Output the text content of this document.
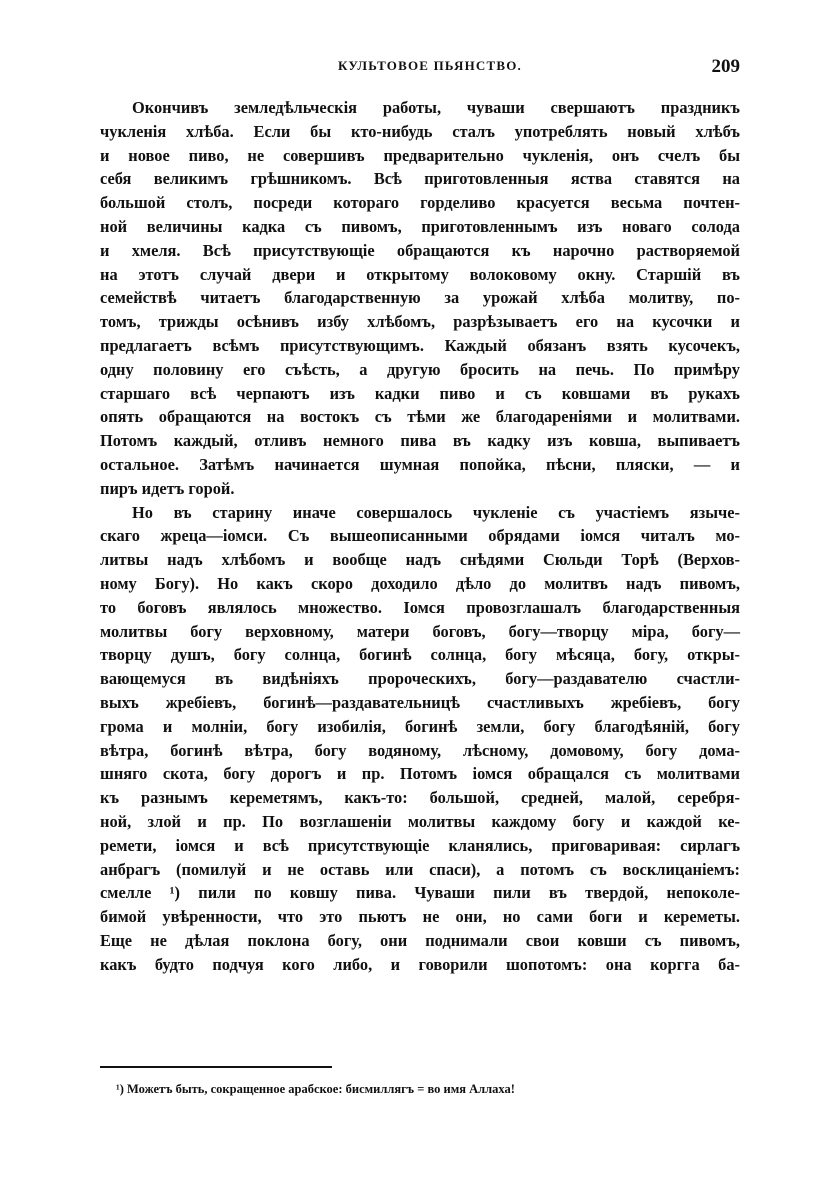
КУЛЬТОВОЕ ПЬЯНСТВО.	209
Окончивъ земледѣльческія работы, чуваши свершаютъ праздникъ
чукленія хлѣба. Если бы кто-нибудь сталъ употреблять новый хлѣбъ
и новое пиво, не совершивъ предварительно чукленія, онъ счелъ бы
себя великимъ грѣшникомъ. Всѣ приготовленныя яства ставятся на
большой столъ, посреди котораго горделиво красуется весьма почтен-
ной величины кадка съ пивомъ, приготовленнымъ изъ новаго солода
и хмеля. Всѣ присутствующіе обращаются къ нарочно растворяемой
на этотъ случай двери и открытому волоковому окну. Старшій въ
семействѣ читаетъ благодарственную за урожай хлѣба молитву, по-
томъ, трижды осѣнивъ избу хлѣбомъ, разрѣзываетъ его на кусочки и
предлагаетъ всѣмъ присутствующимъ. Каждый обязанъ взять кусочекъ,
одну половину его съѣсть, а другую бросить на печь. По примѣру
старшаго всѣ черпаютъ изъ кадки пиво и съ ковшами въ рукахъ
опять обращаются на востокъ съ тѣми же благодареніями и молитвами.
Потомъ каждый, отливъ немного пива въ кадку изъ ковша, выпиваетъ
остальное. Затѣмъ начинается шумная попойка, пѣсни, пляски, — и
пиръ идетъ горой.
Но въ старину иначе совершалось чукленіе съ участіемъ языче-
скаго жреца—іомси. Съ вышеописанными обрядами іомся читалъ мо-
литвы надъ хлѣбомъ и вообще надъ снѣдями Сюльди Торѣ (Верхов-
ному Богу). Но какъ скоро доходило дѣло до молитвъ надъ пивомъ,
то боговъ являлось множество. Іомся провозглашалъ благодарственныя
молитвы богу верховному, матери боговъ, богу—творцу міра, богу—
творцу душъ, богу солнца, богинѣ солнца, богу мѣсяца, богу, откры-
вающемуся въ видѣніяхъ пророческихъ, богу—раздавателю счастли-
выхъ жребіевъ, богинѣ—раздавательницѣ счастливыхъ жребіевъ, богу
грома и молніи, богу изобилія, богинѣ земли, богу благодѣяній, богу
вѣтра, богинѣ вѣтра, богу водяному, лѣсному, домовому, богу дома-
шняго скота, богу дорогъ и пр. Потомъ іомся обращался съ молитвами
къ разнымъ кереметямъ, какъ-то: большой, средней, малой, серебря-
ной, злой и пр. По возглашеніи молитвы каждому богу и каждой ке-
ремети, іомся и всѣ присутствующіе кланялись, приговаривая: сирлагъ
анбрагъ (помилуй и не оставь или спаси), а потомъ съ восклицаніемъ:
смелле ¹) пили по ковшу пива. Чуваши пили въ твердой, непоколе-
бимой увѣренности, что это пьютъ не они, но сами боги и кереметы.
Еще не дѣлая поклона богу, они поднимали свои ковши съ пивомъ,
какъ будто подчуя кого либо, и говорили шопотомъ: она коргга ба-
¹) Можетъ быть, сокращенное арабское: бисмиллягъ = во имя Аллаха!
